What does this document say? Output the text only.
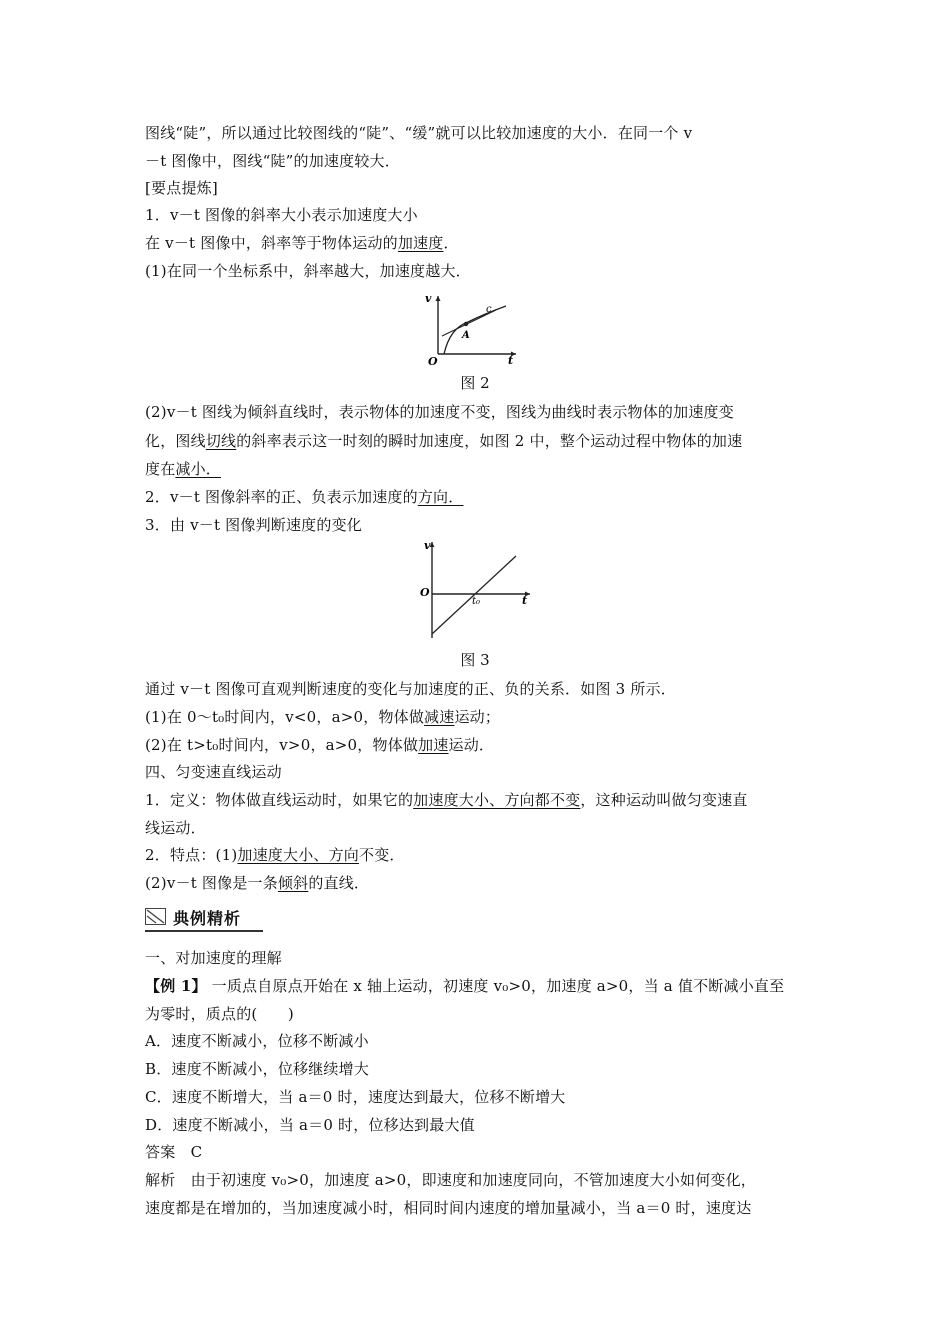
图线“陡”，所以通过比较图线的“陡”、“缓”就可以比较加速度的大小．在同一个 v
－t 图像中，图线“陡”的加速度较大．
[要点提炼]
1．v－t 图像的斜率大小表示加速度大小
在 v－t 图像中，斜率等于物体运动的加速度．
(1)在同一个坐标系中，斜率越大，加速度越大．
v
t
O
A
c
图 2
(2)v－t 图线为倾斜直线时，表示物体的加速度不变，图线为曲线时表示物体的加速度变
化，图线切线的斜率表示这一时刻的瞬时加速度，如图 2 中，整个运动过程中物体的加速
度在减小．
2．v－t 图像斜率的正、负表示加速度的方向．
3．由 v－t 图像判断速度的变化
v
t
O
t₀
图 3
通过 v－t 图像可直观判断速度的变化与加速度的正、负的关系．如图 3 所示．
(1)在 0～t₀时间内，v<0，a>0，物体做减速运动；
(2)在 t>t₀时间内，v>0，a>0，物体做加速运动．
四、匀变速直线运动
1．定义：物体做直线运动时，如果它的加速度大小、方向都不变，这种运动叫做匀变速直
线运动．
2．特点：(1)加速度大小、方向不变．
(2)v－t 图像是一条倾斜的直线．
典例精析
一、对加速度的理解
【例 1】 一质点自原点开始在 x 轴上运动，初速度 v₀>0，加速度 a>0，当 a 值不断减小直至
为零时，质点的(　　)
A．速度不断减小，位移不断减小
B．速度不断减小，位移继续增大
C．速度不断增大，当 a＝0 时，速度达到最大，位移不断增大
D．速度不断减小，当 a＝0 时，位移达到最大值
答案　C
解析　由于初速度 v₀>0，加速度 a>0，即速度和加速度同向，不管加速度大小如何变化，
速度都是在增加的，当加速度减小时，相同时间内速度的增加量减小，当 a＝0 时，速度达
